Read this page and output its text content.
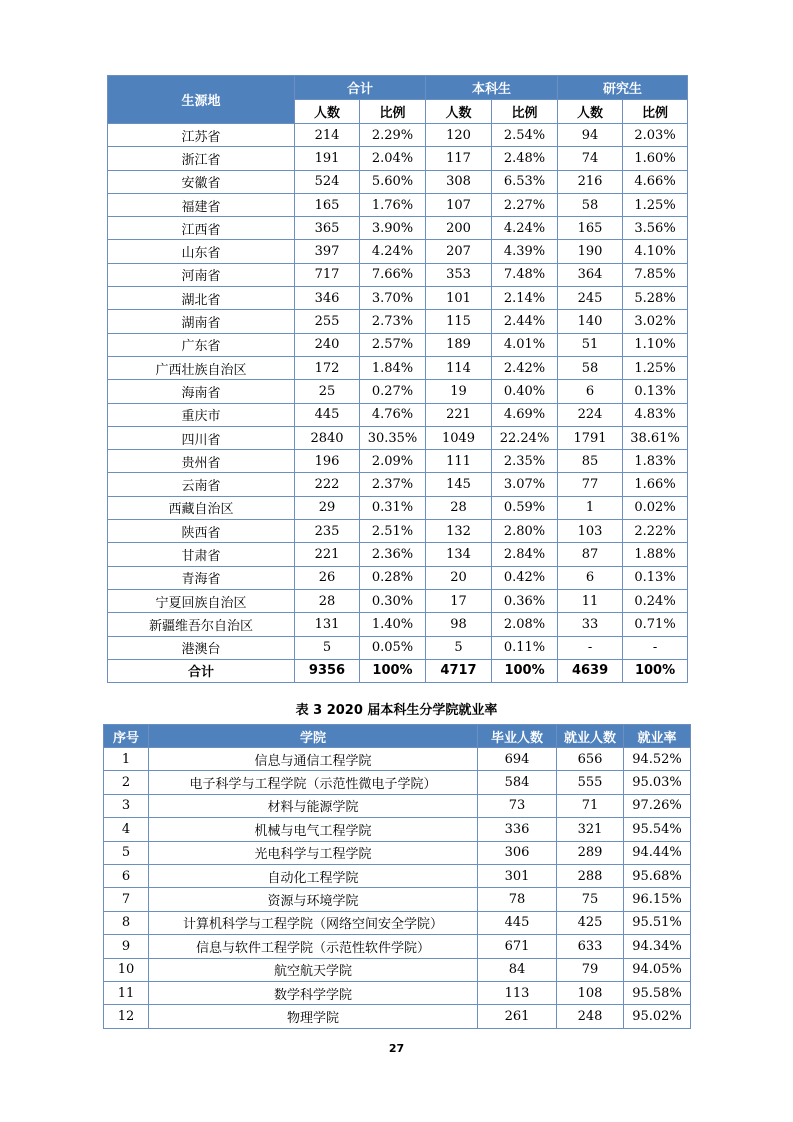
生源地	合计		本科生		研究生	
	人数	比例	人数	比例	人数	比例
江苏省	214	2.29%	120	2.54%	94	2.03%
浙江省	191	2.04%	117	2.48%	74	1.60%
安徽省	524	5.60%	308	6.53%	216	4.66%
福建省	165	1.76%	107	2.27%	58	1.25%
江西省	365	3.90%	200	4.24%	165	3.56%
山东省	397	4.24%	207	4.39%	190	4.10%
河南省	717	7.66%	353	7.48%	364	7.85%
湖北省	346	3.70%	101	2.14%	245	5.28%
湖南省	255	2.73%	115	2.44%	140	3.02%
广东省	240	2.57%	189	4.01%	51	1.10%
广西壮族自治区	172	1.84%	114	2.42%	58	1.25%
海南省	25	0.27%	19	0.40%	6	0.13%
重庆市	445	4.76%	221	4.69%	224	4.83%
四川省	2840	30.35%	1049	22.24%	1791	38.61%
贵州省	196	2.09%	111	2.35%	85	1.83%
云南省	222	2.37%	145	3.07%	77	1.66%
西藏自治区	29	0.31%	28	0.59%	1	0.02%
陕西省	235	2.51%	132	2.80%	103	2.22%
甘肃省	221	2.36%	134	2.84%	87	1.88%
青海省	26	0.28%	20	0.42%	6	0.13%
宁夏回族自治区	28	0.30%	17	0.36%	11	0.24%
新疆维吾尔自治区	131	1.40%	98	2.08%	33	0.71%
港澳台	5	0.05%	5	0.11%	-	-
合计	9356	100%	4717	100%	4639	100%
表 3 2020 届本科生分学院就业率
序号	学院	毕业人数	就业人数	就业率
1	信息与通信工程学院	694	656	94.52%
2	电子科学与工程学院（示范性微电子学院）	584	555	95.03%
3	材料与能源学院	73	71	97.26%
4	机械与电气工程学院	336	321	95.54%
5	光电科学与工程学院	306	289	94.44%
6	自动化工程学院	301	288	95.68%
7	资源与环境学院	78	75	96.15%
8	计算机科学与工程学院（网络空间安全学院）	445	425	95.51%
9	信息与软件工程学院（示范性软件学院）	671	633	94.34%
10	航空航天学院	84	79	94.05%
11	数学科学学院	113	108	95.58%
12	物理学院	261	248	95.02%
27
